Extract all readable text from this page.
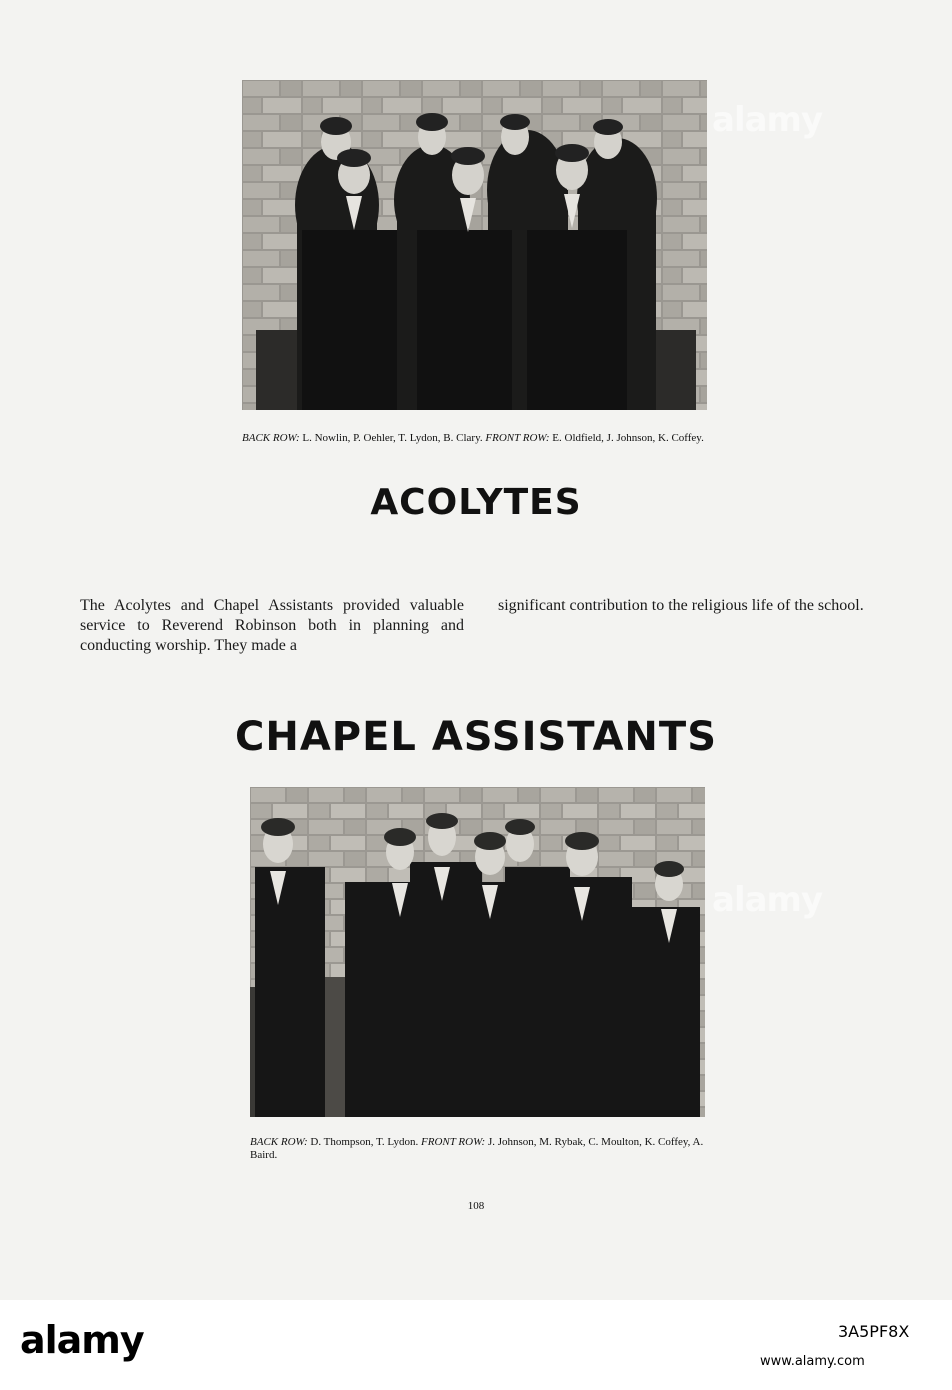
BACK ROW: L. Nowlin, P. Oehler, T. Lydon, B. Clary. FRONT ROW: E. Oldfield, J. Johnson, K. Coffey.
ACOLYTES
The Acolytes and Chapel Assistants provided valuable service to Reverend Robinson both in planning and conducting worship. They made a
significant contribution to the religious life of the school.
CHAPEL ASSISTANTS
BACK ROW: D. Thompson, T. Lydon. FRONT ROW: J. Johnson, M. Rybak, C. Moulton, K. Coffey, A. Baird.
108
alamy
alamy
alamy	3A5PF8X
www.alamy.com
